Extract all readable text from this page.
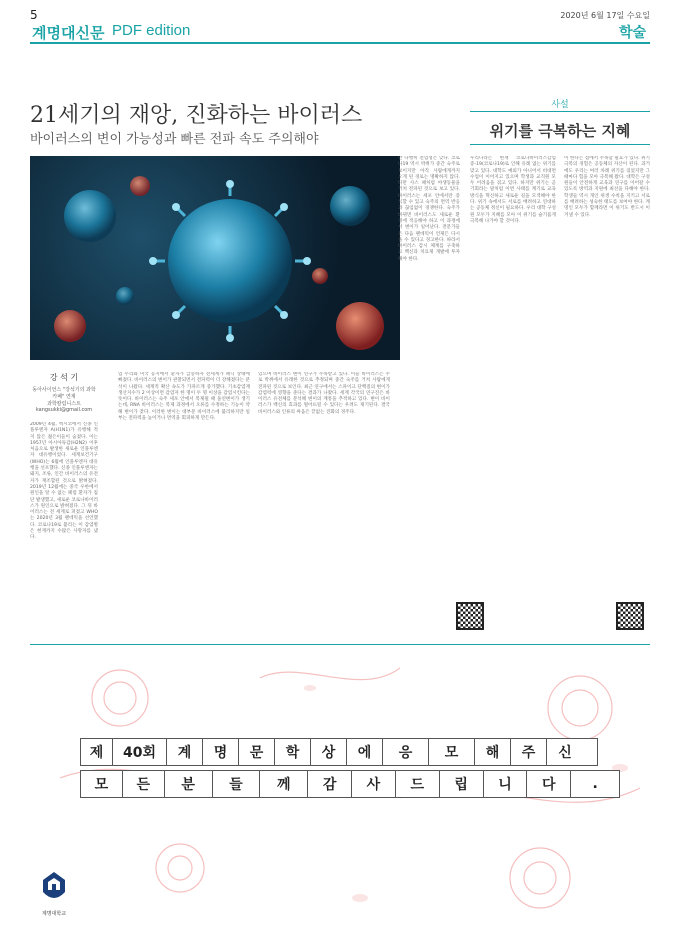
5
계명대신문 PDF edition
2020년 6월 17일 수요일
학술
21세기의 재앙, 진화하는 바이러스
바이러스의 변이 가능성과 빠른 전파 속도 주의해야
강 석 기
동아사이언스 "강석기의 과학카페" 연재
과학칼럼니스트
kangsukki@gmail.com
2009년 4월, 멕시코에서 신종 인플루엔자 A(H1N1)가 유행해 적지 않은 젊은이들이 숨졌다. 이는 1957년 아시아독감(H2N2) 이후 처음으로 발생한 새로운 인플루엔자 대유행이었다. 세계보건기구(WHO)는 6월에 인플루엔자 대유행을 선포했다. 신종 인플루엔자는 돼지, 조류, 인간 바이러스의 유전자가 재조합된 것으로 밝혀졌다. 2019년 12월에는 중국 우한에서 원인을 알 수 없는 폐렴 환자가 집단 발생했고, 새로운 코로나바이러스가 원인으로 밝혀졌다. 그 뒤 바이러스는 전 세계로 퍼졌고 WHO는 2020년 3월 팬데믹을 선언했다. 코로나19로 불리는 이 감염병은 현재까지 수많은 사망자를 냈다.
업 누리와 미국 등지에서 환자가 급증하자 전세계가 패닉 상태에 빠졌다. 바이러스의 변이가 관찰되면서 전파력이 더 강해졌다는 분석이 나왔다. 세계적 확산 속도가 가파르게 증가했다. 기초감염재생산지수가 2 이상이면 감염자 한 명이 두 명 이상을 감염시킨다는 뜻이다. 바이러스는 숙주 세포 안에서 복제될 때 돌연변이가 생기는데, RNA 바이러스는 복제 과정에서 오류를 수정하는 기능이 약해 변이가 잦다. 이러한 변이는 대부분 바이러스에 불리하지만 일부는 전파력을 높이거나 면역을 회피하게 만든다.
있으며 바이러스 변이 연구가 주목받고 있다. 이들 바이러스는 주로 박쥐에서 유래한 것으로 추정되며 중간 숙주를 거쳐 사람에게 전파된 것으로 보인다. 최근 연구에서는 스파이크 단백질의 변이가 감염력에 영향을 준다는 결과가 나왔다. 세계 각국의 연구진은 바이러스 유전체를 분석해 변이의 계통을 추적하고 있다. 변이 바이러스가 백신의 효과를 떨어뜨릴 수 있다는 우려도 제기된다. 결국 바이러스와 인류의 싸움은 끝없는 진화의 경주다.
만 다행히 전염성은 낮다. 코로나19 역시 박쥐가 중간 숙주로 보이지만 아직 사람에게까지 오게 된 경로는 명확하지 않다. 다만 사스 때처럼 야생동물을 거쳐 전파된 것으로 보고 있다. 바이러스는 세포 안에서만 증식할 수 있고 숙주의 면역 반응과 끊임없이 경쟁한다. 숙주가 바뀌면 바이러스도 새로운 환경에 적응해야 하고 이 과정에서 변이가 일어난다. 전문가들은 다음 팬데믹이 언제든 다시 올 수 있다고 경고한다. 따라서 바이러스 감시 체계를 구축하고 백신과 치료제 개발에 투자해야 한다.
사설
위기를 극복하는 지혜
우리나라는 현재 코로나바이러스감염증-19(코로나19)로 인해 유례 없는 위기를 맞고 있다. 대학도 예외가 아니어서 비대면 수업이 이어지고 있으며 학생과 교직원 모두 어려움을 겪고 있다. 하지만 위기는 곧 기회라는 말처럼 이번 사태를 계기로 교육 방식을 혁신하고 새로운 길을 모색해야 한다. 위기 속에서도 서로를 배려하고 연대하는 공동체 정신이 필요하다. 우리 대학 구성원 모두가 지혜를 모아 이 위기를 슬기롭게 극복해 나가야 할 것이다.
이 한다는 점에서 주목할 필요가 있다. 위기 극복의 경험은 공동체의 자산이 된다. 과거에도 우리는 여러 차례 위기를 겪었지만 그때마다 힘을 모아 극복해 왔다. 대학은 구성원들이 안전하게 교육과 연구를 이어갈 수 있도록 방역과 지원에 최선을 다해야 한다. 학생들 역시 개인 위생 수칙을 지키고 서로를 배려하는 성숙한 태도를 보여야 한다. 계명인 모두가 함께라면 이 위기도 반드시 이겨낼 수 있다.
제	40회	계	명	문	학	상	에	응	모	해	주	신
모	든	분	들	께	감	사	드	립	니	다	.
계명대학교
